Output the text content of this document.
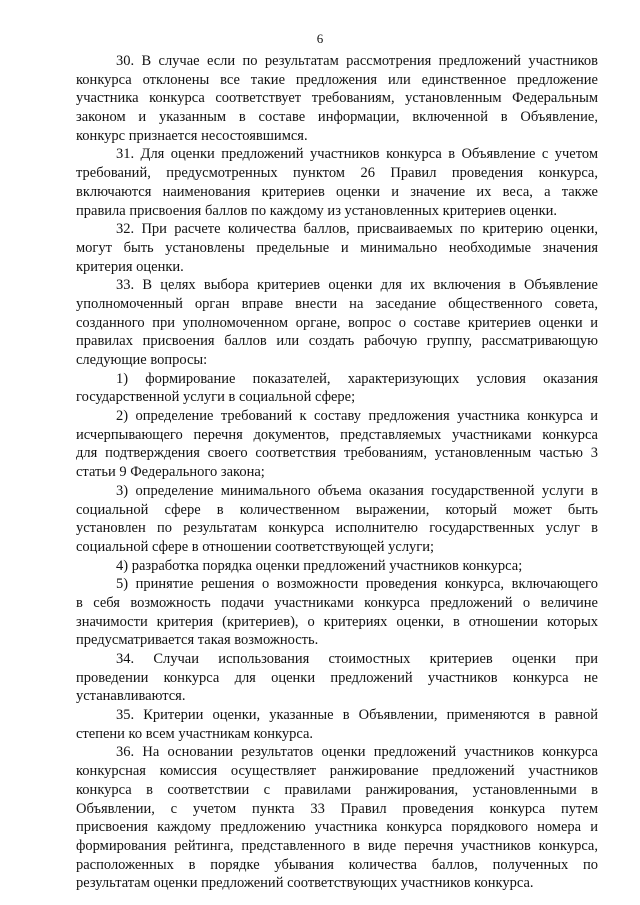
6
30. В случае если по результатам рассмотрения предложений участников
конкурса отклонены все такие предложения или единственное предложение
участника конкурса соответствует требованиям, установленным Федеральным
законом и указанным в составе информации, включенной в Объявление,
конкурс признается несостоявшимся.
31. Для оценки предложений участников конкурса в Объявление с учетом
требований, предусмотренных пунктом 26 Правил проведения конкурса,
включаются наименования критериев оценки и значение их веса, а также
правила присвоения баллов по каждому из установленных критериев оценки.
32. При расчете количества баллов, присваиваемых по критерию оценки,
могут быть установлены предельные и минимально необходимые значения
критерия оценки.
33. В целях выбора критериев оценки для их включения в Объявление
уполномоченный орган вправе внести на заседание общественного совета,
созданного при уполномоченном органе, вопрос о составе критериев оценки и
правилах присвоения баллов или создать рабочую группу, рассматривающую
следующие вопросы:
1) формирование показателей, характеризующих условия оказания
государственной услуги в социальной сфере;
2) определение требований к составу предложения участника конкурса и
исчерпывающего перечня документов, представляемых участниками конкурса
для подтверждения своего соответствия требованиям, установленным частью 3
статьи 9 Федерального закона;
3) определение минимального объема оказания государственной услуги в
социальной сфере в количественном выражении, который может быть
установлен по результатам конкурса исполнителю государственных услуг в
социальной сфере в отношении соответствующей услуги;
4) разработка порядка оценки предложений участников конкурса;
5) принятие решения о возможности проведения конкурса, включающего
в себя возможность подачи участниками конкурса предложений о величине
значимости критерия (критериев), о критериях оценки, в отношении которых
предусматривается такая возможность.
34. Случаи использования стоимостных критериев оценки при
проведении конкурса для оценки предложений участников конкурса не
устанавливаются.
35. Критерии оценки, указанные в Объявлении, применяются в равной
степени ко всем участникам конкурса.
36. На основании результатов оценки предложений участников конкурса
конкурсная комиссия осуществляет ранжирование предложений участников
конкурса в соответствии с правилами ранжирования, установленными в
Объявлении, с учетом пункта 33 Правил проведения конкурса путем
присвоения каждому предложению участника конкурса порядкового номера и
формирования рейтинга, представленного в виде перечня участников конкурса,
расположенных в порядке убывания количества баллов, полученных по
результатам оценки предложений соответствующих участников конкурса.
